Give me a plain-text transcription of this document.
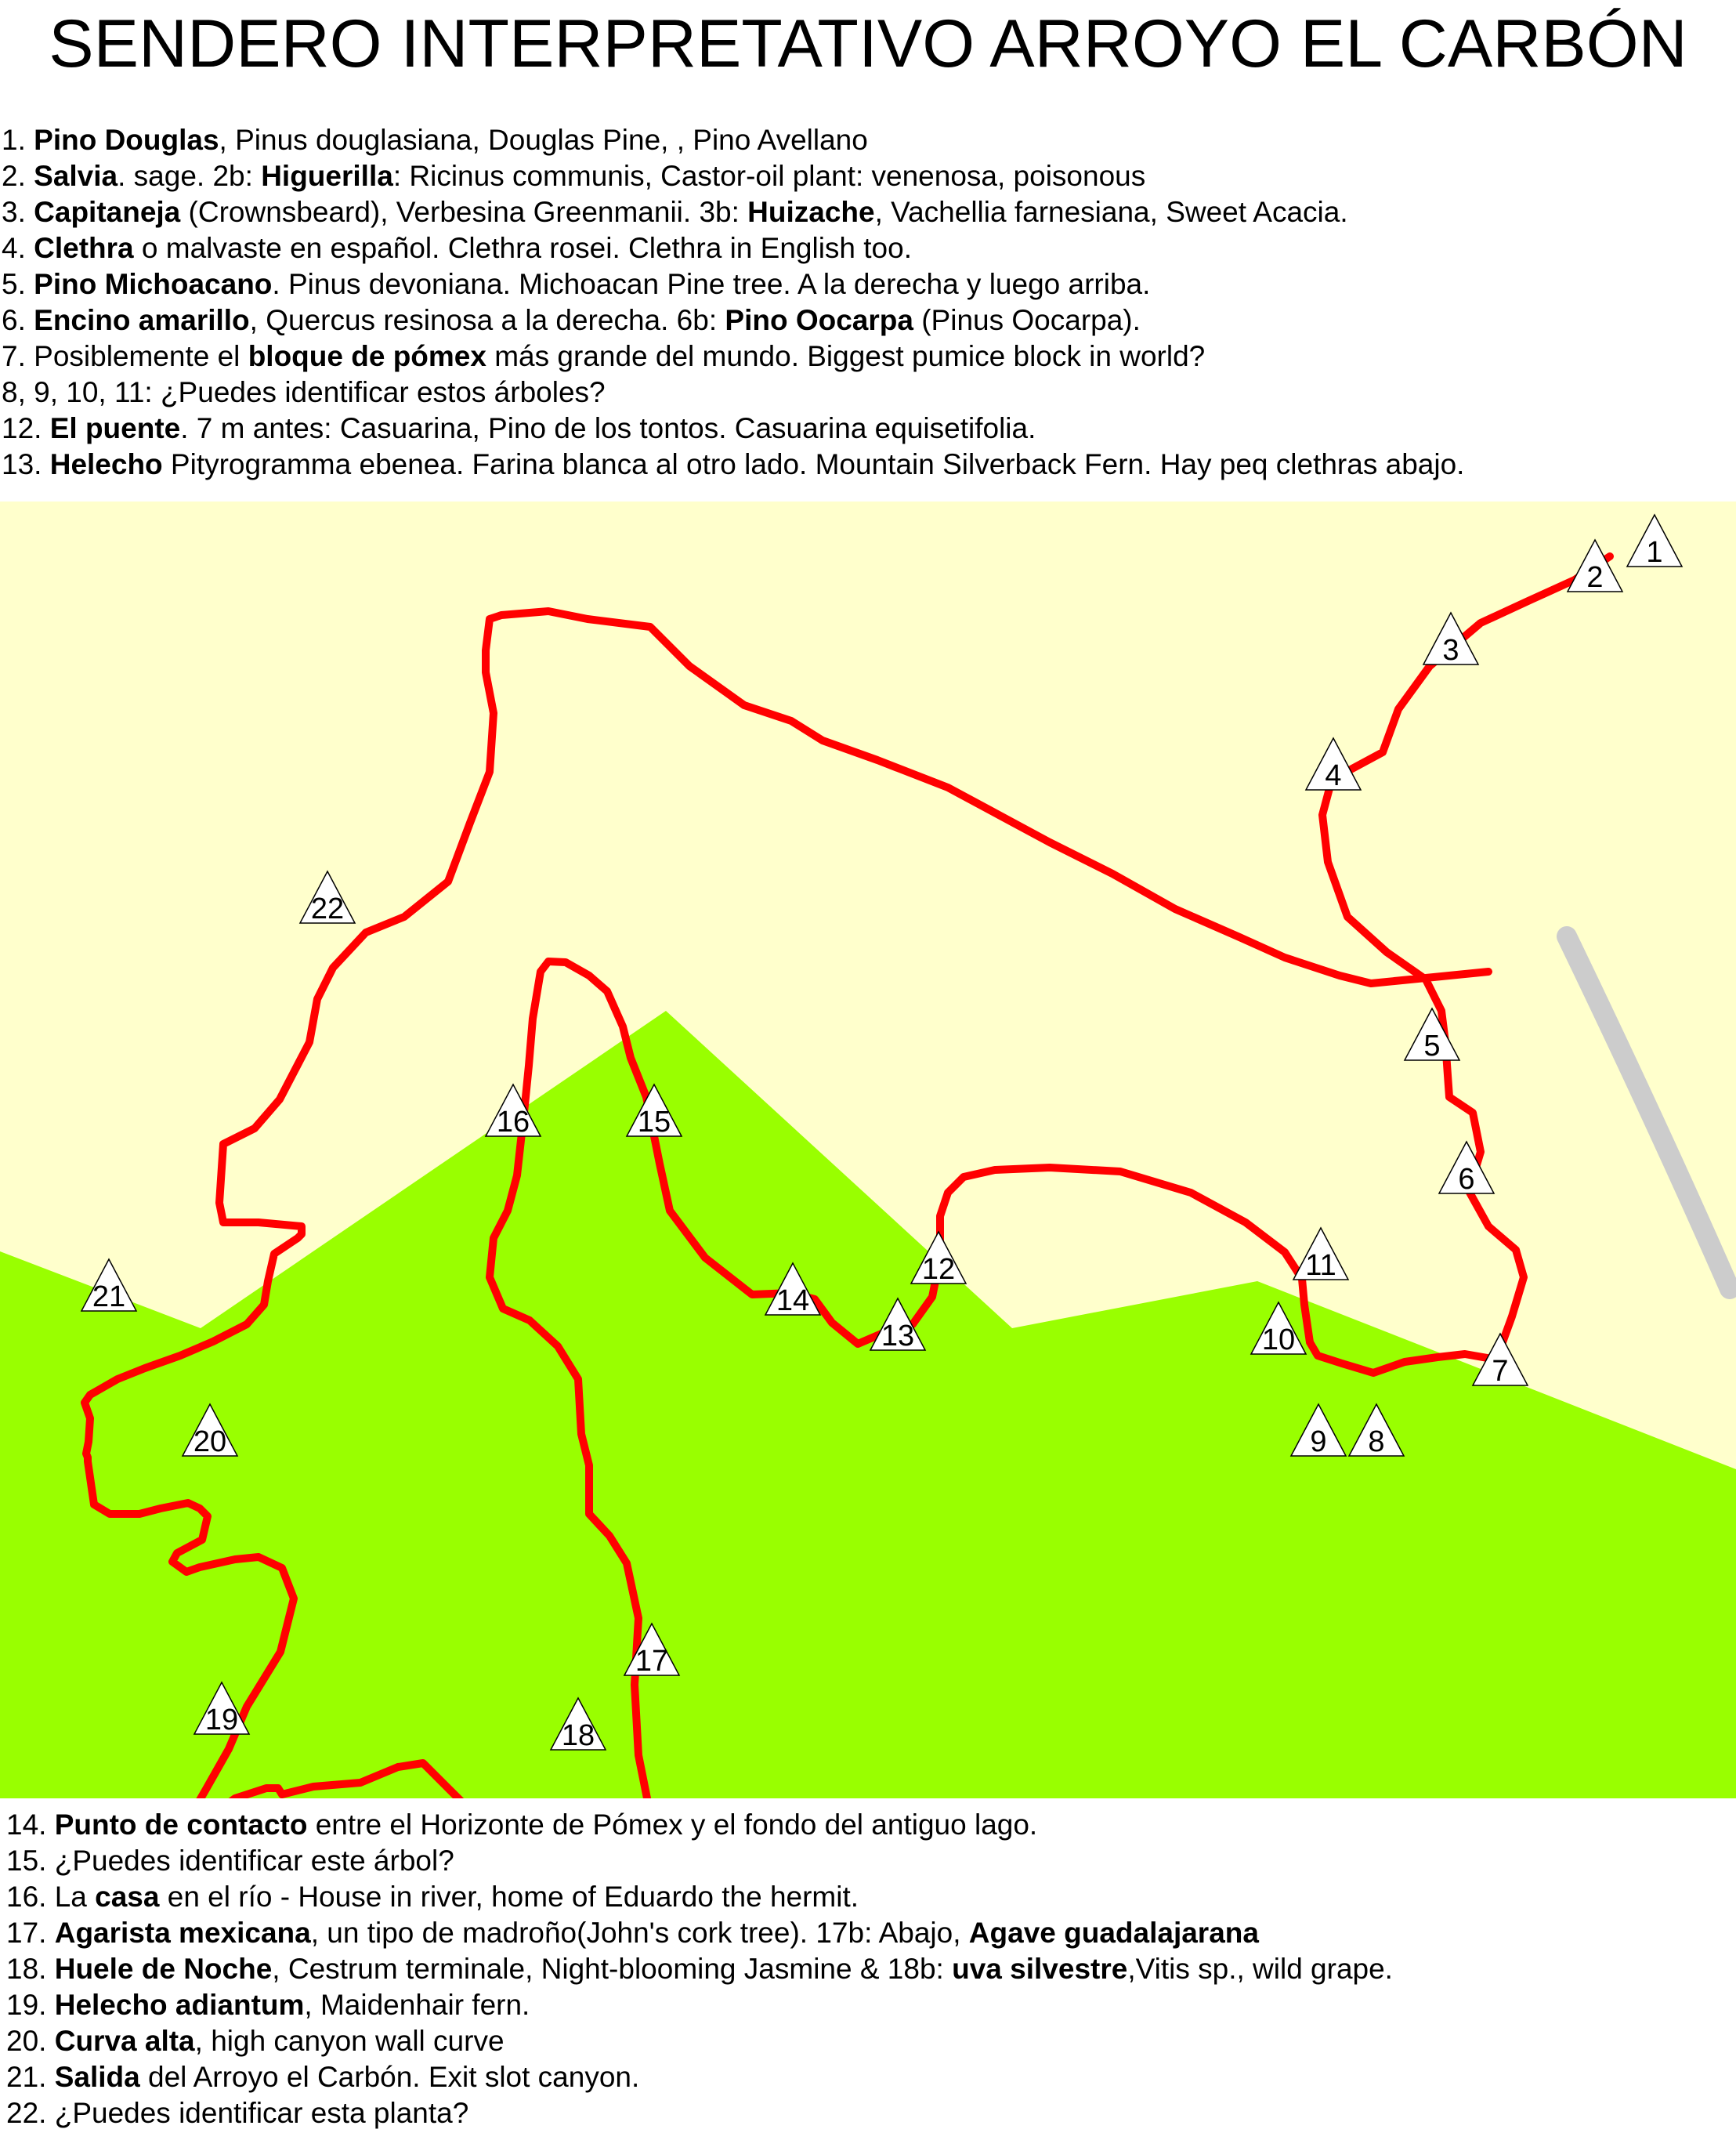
SENDERO INTERPRETATIVO ARROYO EL CARBÓN
1. Pino Douglas, Pinus douglasiana, Douglas Pine, , Pino Avellano
2. Salvia. sage. 2b: Higuerilla: Ricinus communis, Castor-oil plant: venenosa, poisonous
3. Capitaneja (Crownsbeard), Verbesina Greenmanii. 3b: Huizache, Vachellia farnesiana, Sweet Acacia.
4. Clethra o malvaste en español. Clethra rosei. Clethra in English too.
5. Pino Michoacano. Pinus devoniana. Michoacan Pine tree. A la derecha y luego arriba.
6. Encino amarillo, Quercus resinosa a la derecha. 6b: Pino Oocarpa (Pinus Oocarpa).
7. Posiblemente el bloque de pómex más grande del mundo. Biggest pumice block in world?
8, 9, 10, 11: ¿Puedes identificar estos árboles?
12. El puente. 7 m antes: Casuarina, Pino de los tontos. Casuarina equisetifolia.
13. Helecho Pityrogramma ebenea. Farina blanca al otro lado. Mountain Silverback Fern. Hay peq clethras abajo.
1
2
3
4
5
6
7
8
9
10
11
12
13
14
15
16
17
18
19
20
21
22
14. Punto de contacto entre el Horizonte de Pómex y el fondo del antiguo lago.
15. ¿Puedes identificar este árbol?
16. La casa en el río - House in river, home of Eduardo the hermit.
17. Agarista mexicana, un tipo de madroño(John's cork tree). 17b: Abajo, Agave guadalajarana
18. Huele de Noche, Cestrum terminale, Night-blooming Jasmine & 18b: uva silvestre,Vitis sp., wild grape.
19. Helecho adiantum, Maidenhair fern.
20. Curva alta, high canyon wall curve
21. Salida del Arroyo el Carbón. Exit slot canyon.
22. ¿Puedes identificar esta planta?
